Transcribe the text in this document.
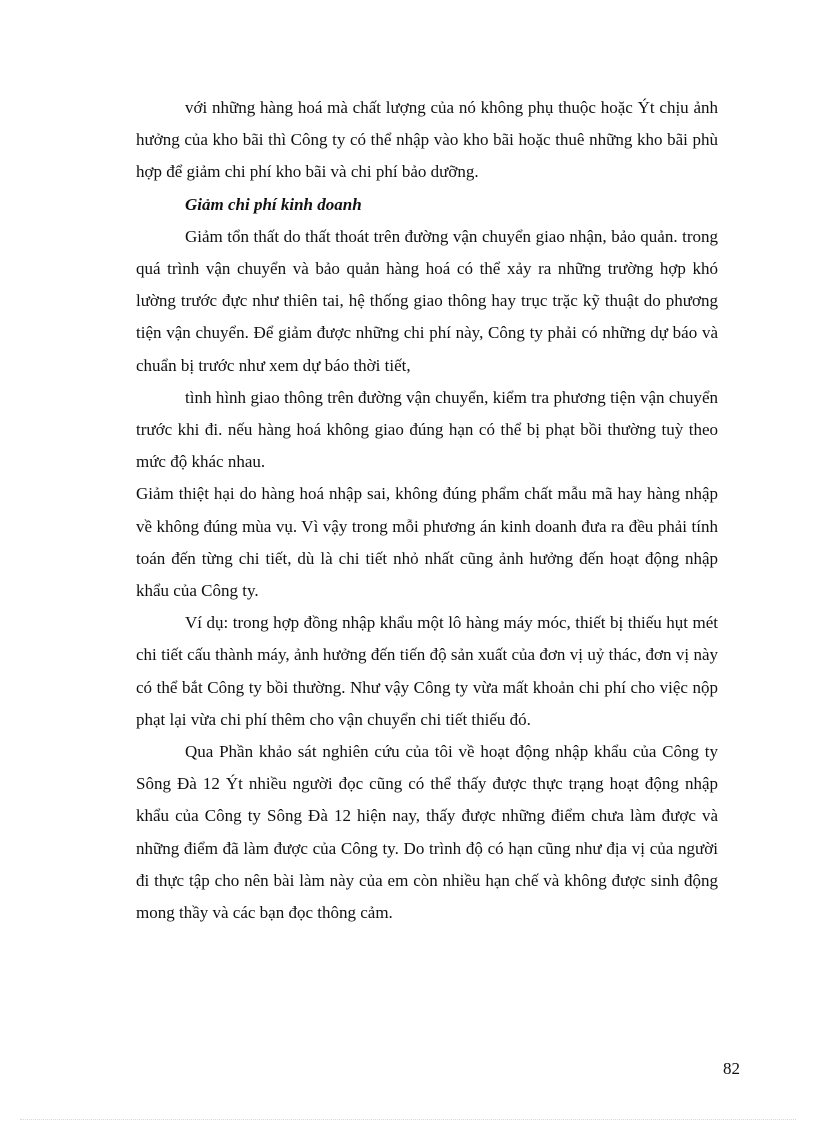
với những hàng hoá mà chất lượng của nó không phụ thuộc hoặc Ýt chịu ảnh hưởng của kho bãi thì Công ty có thể nhập vào kho bãi hoặc thuê những kho bãi phù hợp để giảm chi phí kho bãi và chi phí bảo dưỡng.

Giảm chi phí kinh doanh

Giảm tổn thất do thất thoát trên đường vận chuyển giao nhận, bảo quản. trong quá trình vận chuyển và bảo quản hàng hoá có thể xảy ra những trường hợp khó lường trước đực như thiên tai, hệ thống giao thông hay trục trặc kỹ thuật do phương tiện vận chuyển. Để giảm được những chi phí này, Công ty phải có những dự báo và chuẩn bị trước như xem dự báo thời tiết,

tình hình giao thông trên đường vận chuyển, kiểm tra phương tiện vận chuyển trước khi đi. nếu hàng hoá không giao đúng hạn có thể bị phạt bồi thường tuỳ theo mức độ khác nhau.

Giảm thiệt hại do hàng hoá nhập sai, không đúng phẩm chất mẫu mã hay hàng nhập về không đúng mùa vụ. Vì vậy trong mỗi phương án kinh doanh đưa ra đều phải tính toán đến từng chi tiết, dù là chi tiết nhỏ nhất cũng ảnh hưởng đến hoạt động nhập khẩu của Công ty.

Ví dụ: trong hợp đồng nhập khẩu một lô hàng máy móc, thiết bị thiếu hụt mét chi tiết cấu thành máy, ảnh hưởng đến tiến độ sản xuất của đơn vị uỷ thác, đơn vị này có thể bắt Công ty bồi thường. Như vậy Công ty vừa mất khoản chi phí cho việc nộp phạt lại vừa chi phí thêm cho vận chuyển chi tiết thiếu đó.

Qua Phần khảo sát nghiên cứu của tôi về hoạt động nhập khẩu của Công ty Sông Đà 12 Ýt nhiều người đọc cũng có thể thấy được thực trạng hoạt động nhập khẩu của Công ty Sông Đà 12 hiện nay, thấy được những điểm chưa làm được và những điểm đã làm được của Công ty. Do trình độ có hạn cũng như địa vị của người đi thực tập cho nên bài làm này của em còn nhiều hạn chế và không được sinh động mong thầy và các bạn đọc thông cảm.

82
